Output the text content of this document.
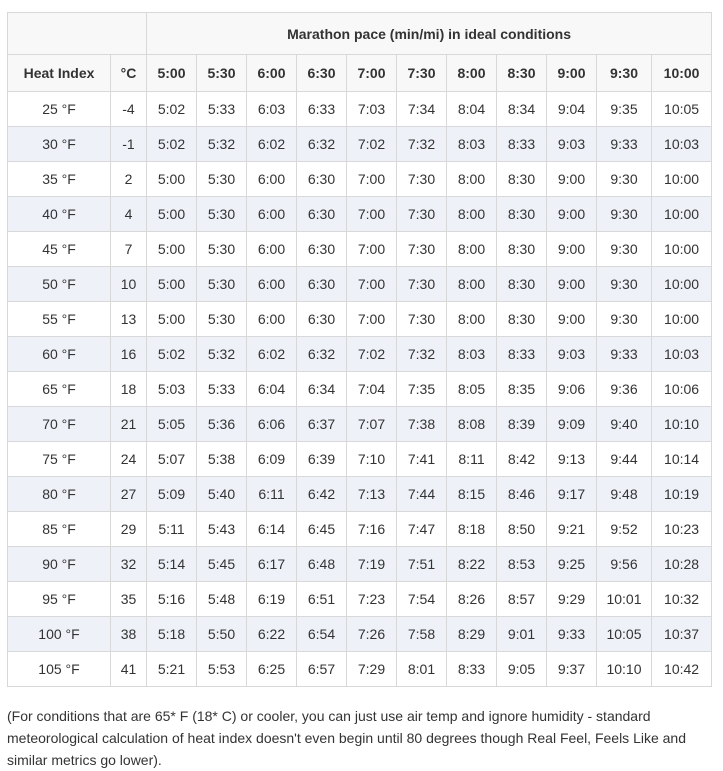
		Marathon pace (min/mi) in ideal conditions										
Heat Index	°C	5:00	5:30	6:00	6:30	7:00	7:30	8:00	8:30	9:00	9:30	10:00
25 °F	-4	5:02	5:33	6:03	6:33	7:03	7:34	8:04	8:34	9:04	9:35	10:05
30 °F	-1	5:02	5:32	6:02	6:32	7:02	7:32	8:03	8:33	9:03	9:33	10:03
35 °F	2	5:00	5:30	6:00	6:30	7:00	7:30	8:00	8:30	9:00	9:30	10:00
40 °F	4	5:00	5:30	6:00	6:30	7:00	7:30	8:00	8:30	9:00	9:30	10:00
45 °F	7	5:00	5:30	6:00	6:30	7:00	7:30	8:00	8:30	9:00	9:30	10:00
50 °F	10	5:00	5:30	6:00	6:30	7:00	7:30	8:00	8:30	9:00	9:30	10:00
55 °F	13	5:00	5:30	6:00	6:30	7:00	7:30	8:00	8:30	9:00	9:30	10:00
60 °F	16	5:02	5:32	6:02	6:32	7:02	7:32	8:03	8:33	9:03	9:33	10:03
65 °F	18	5:03	5:33	6:04	6:34	7:04	7:35	8:05	8:35	9:06	9:36	10:06
70 °F	21	5:05	5:36	6:06	6:37	7:07	7:38	8:08	8:39	9:09	9:40	10:10
75 °F	24	5:07	5:38	6:09	6:39	7:10	7:41	8:11	8:42	9:13	9:44	10:14
80 °F	27	5:09	5:40	6:11	6:42	7:13	7:44	8:15	8:46	9:17	9:48	10:19
85 °F	29	5:11	5:43	6:14	6:45	7:16	7:47	8:18	8:50	9:21	9:52	10:23
90 °F	32	5:14	5:45	6:17	6:48	7:19	7:51	8:22	8:53	9:25	9:56	10:28
95 °F	35	5:16	5:48	6:19	6:51	7:23	7:54	8:26	8:57	9:29	10:01	10:32
100 °F	38	5:18	5:50	6:22	6:54	7:26	7:58	8:29	9:01	9:33	10:05	10:37
105 °F	41	5:21	5:53	6:25	6:57	7:29	8:01	8:33	9:05	9:37	10:10	10:42
(For conditions that are 65* F (18* C) or cooler, you can just use air temp and ignore humidity - standard meteorological calculation of heat index doesn't even begin until 80 degrees though Real Feel, Feels Like and similar metrics go lower).
